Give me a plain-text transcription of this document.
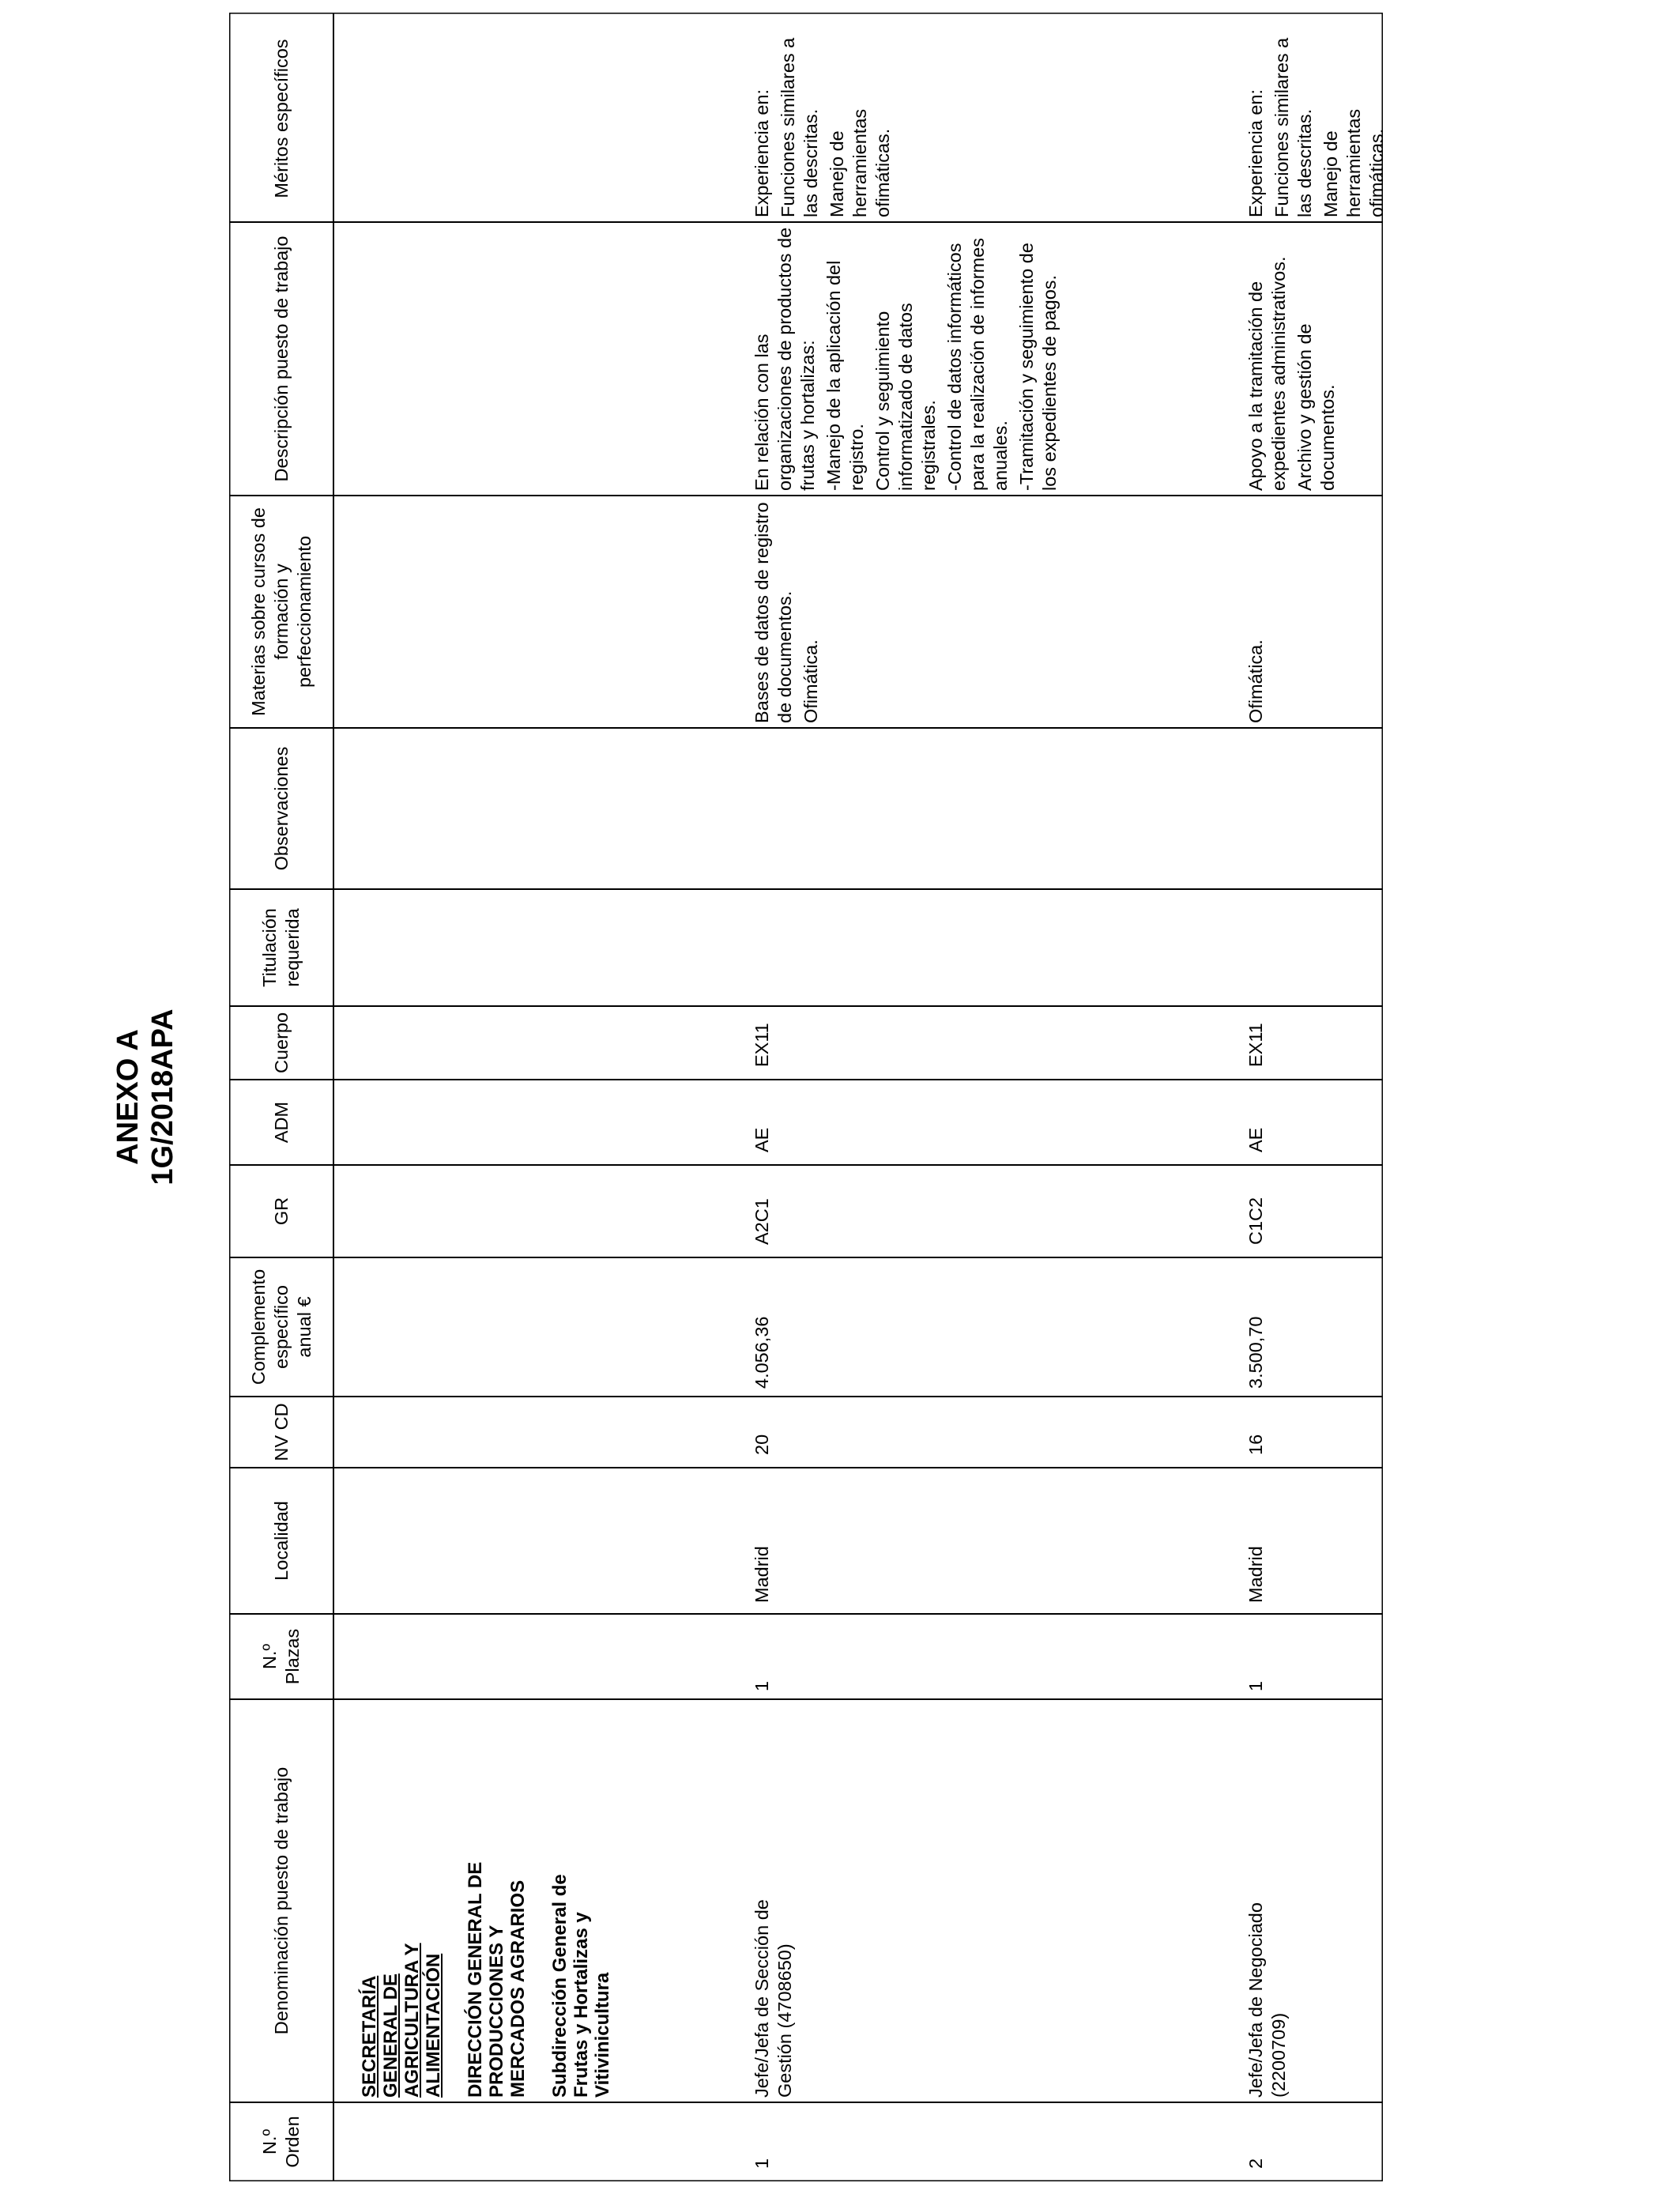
ANEXO A 1G/2018APA
N.º Orden
Denominación puesto de trabajo
N.º Plazas
Localidad
NV CD
Complemento específico anual €
GR
ADM
Cuerpo
Titulación requerida
Observaciones
Materias sobre cursos de formación y perfeccionamiento
Descripción puesto de trabajo
Méritos específicos
SECRETARÍA GENERAL DE AGRICULTURA Y ALIMENTACIÓN DIRECCIÓN GENERAL DE PRODUCCIONES Y MERCADOS AGRARIOS Subdirección General de Frutas y Hortalizas y Vitivinicultura
1
Jefe/Jefa de Sección de Gestión (4708650)
1
Madrid
20
4.056,36
A2C1
AE
EX11
Bases de datos de registro de documentos. Ofimática.
En relación con las organizaciones de productos de frutas y hortalizas: -Manejo de la aplicación del registro. Control y seguimiento informatizado de datos registrales. -Control de datos informáticos para la realización de informes anuales. -Tramitación y seguimiento de los expedientes de pagos.
Experiencia en: Funciones similares a las descritas. Manejo de herramientas ofimáticas.
2
Jefe/Jefa de Negociado (2200709)
1
Madrid
16
3.500,70
C1C2
AE
EX11
Ofimática.
Apoyo a la tramitación de expedientes administrativos. Archivo y gestión de documentos.
Experiencia en: Funciones similares a las descritas. Manejo de herramientas ofimáticas.
